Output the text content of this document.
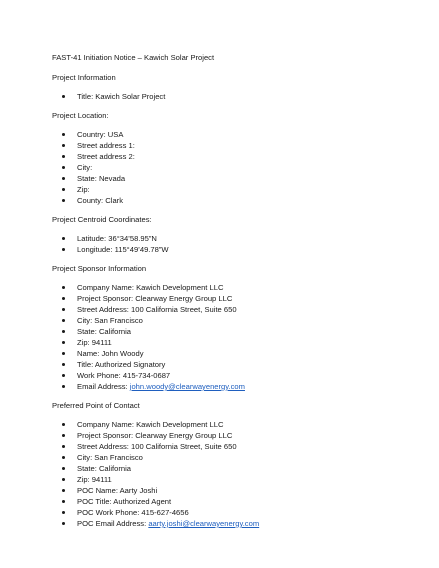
FAST-41 Initiation Notice – Kawich Solar Project

Project Information

Title: Kawich Solar Project

Project Location:

Country: USA
Street address 1:
Street address 2:
City:
State: Nevada
Zip:
County: Clark

Project Centroid Coordinates:

Latitude: 36°34’58.95”N
Longitude: 115°49’49.78”W

Project Sponsor Information

Company Name: Kawich Development LLC
Project Sponsor: Clearway Energy Group LLC
Street Address: 100 California Street, Suite 650
City: San Francisco
State: California
Zip: 94111
Name: John Woody
Title: Authorized Signatory
Work Phone: 415-734-0687
Email Address: john.woody@clearwayenergy.com

Preferred Point of Contact

Company Name: Kawich Development LLC
Project Sponsor: Clearway Energy Group LLC
Street Address: 100 California Street, Suite 650
City: San Francisco
State: California
Zip: 94111
POC Name: Aarty Joshi
POC Title: Authorized Agent
POC Work Phone: 415-627-4656
POC Email Address: aarty.joshi@clearwayenergy.com
